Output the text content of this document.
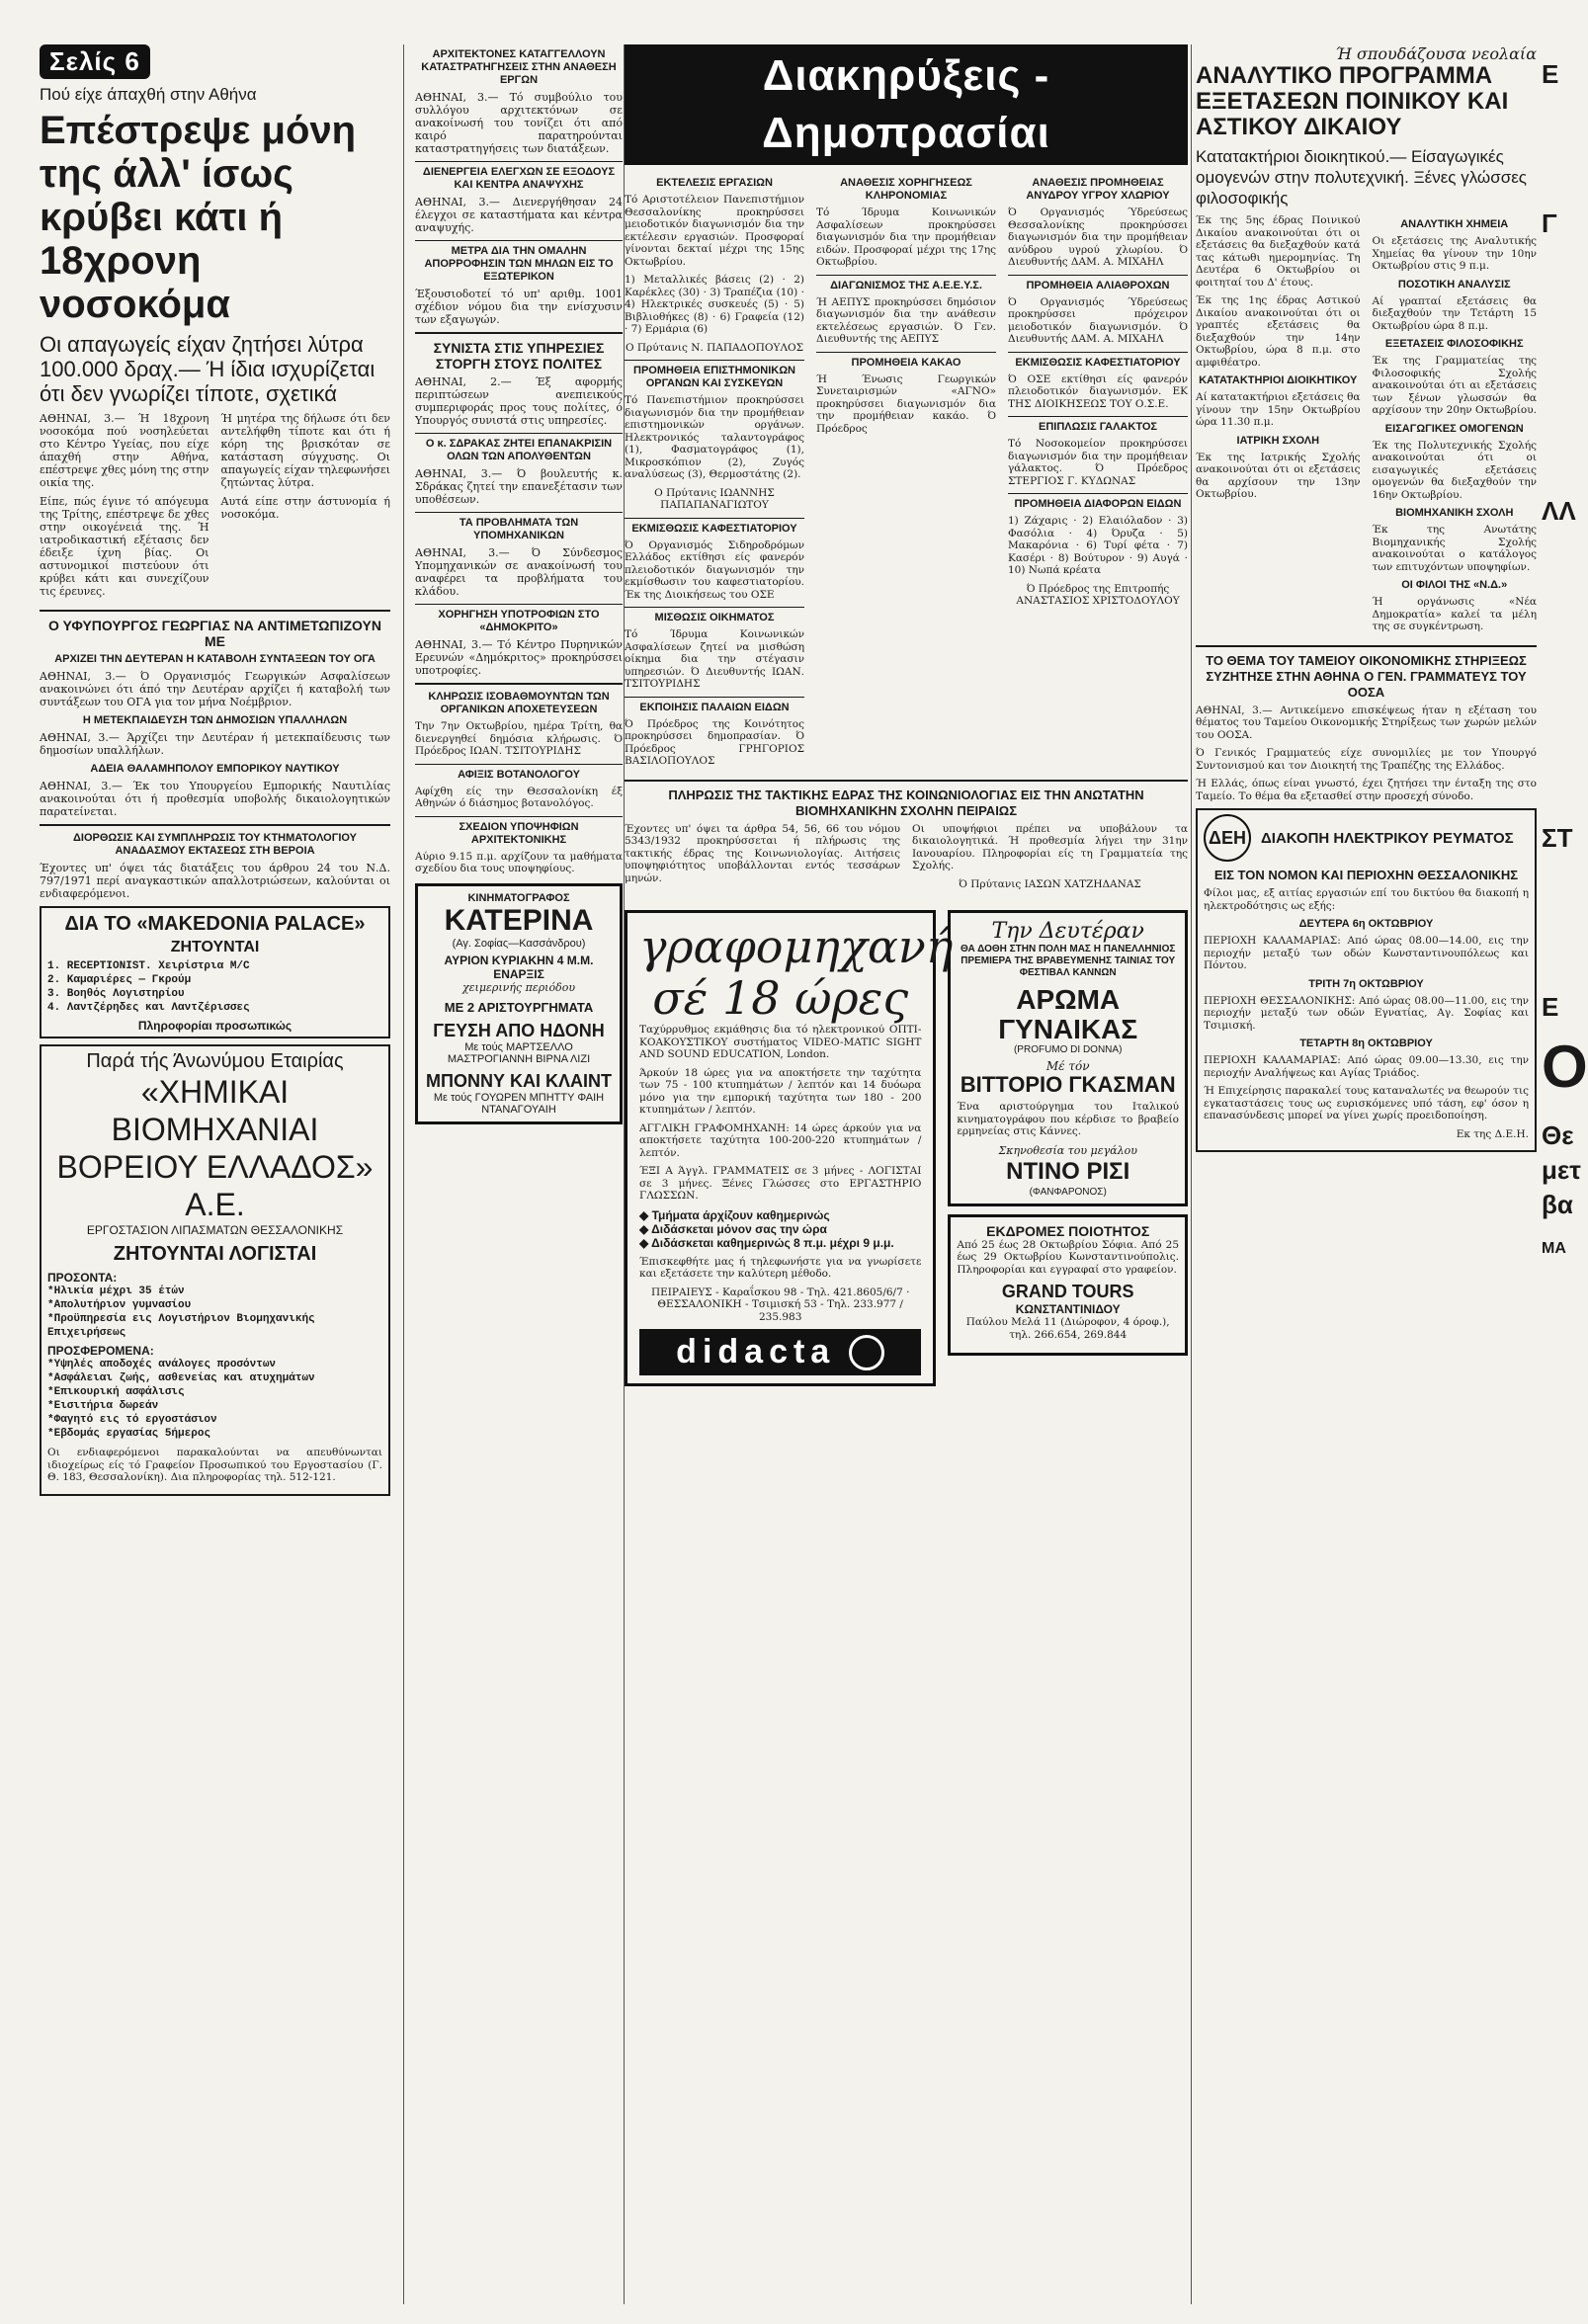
Σελίς 6
Πού είχε άπαχθή στην Αθήνα
Επέστρεψε μόνη της άλλ' ίσως κρύβει κάτι ή 18χρονη νοσοκόμα
Οι απαγωγείς είχαν ζητήσει λύτρα 100.000 δραχ.— Ή ίδια ισχυρίζεται ότι δεν γνωρίζει τίποτε, σχετικά

ΑΘΗΝΑΙ, 3.— Ή 18χρονη νοσοκόμα πού νοσηλεύεται στο Κέντρο Υγείας, που είχε άπαχθή στην Αθήνα, επέστρεψε χθες μόνη της στην οικία της.

Είπε, πώς έγινε τό απόγευμα της Τρίτης, επέστρεψε δε χθες στην οικογένειά της. Ή ιατροδικαστική εξέτασις δεν έδειξε ίχνη βίας. Οι αστυνομικοί πιστεύουν ότι κρύβει κάτι και συνεχίζουν τις έρευνες.

Ή μητέρα της δήλωσε ότι δεν αντελήφθη τίποτε και ότι ή κόρη της βρισκόταν σε κατάσταση σύγχυσης. Οι απαγωγείς είχαν τηλεφωνήσει ζητώντας λύτρα.

Αυτά είπε στην άστυνομία ή νοσοκόμα.

Ο ΥΦΥΠΟΥΡΓΟΣ ΓΕΩΡΓΙΑΣ ΝΑ ΑΝΤΙΜΕΤΩΠΙΖΟΥΝ ΜΕ
ΑΡΧΙΖΕΙ ΤΗΝ ΔΕΥΤΕΡΑΝ Η ΚΑΤΑΒΟΛΗ ΣΥΝΤΑΞΕΩΝ ΤΟΥ ΟΓΑ

ΑΘΗΝΑΙ, 3.— Ό Οργανισμός Γεωργικών Ασφαλίσεων ανακοινώνει ότι άπό την Δευτέραν αρχίζει ή καταβολή των συντάξεων του ΟΓΑ για τον μήνα Νοέμβριον.

Η ΜΕΤΕΚΠΑΙΔΕΥΣΗ ΤΩΝ ΔΗΜΟΣΙΩΝ ΥΠΑΛΛΗΛΩΝ

ΑΘΗΝΑΙ, 3.— Άρχίζει την Δευτέραν ή μετεκπαίδευσις των δημοσίων υπαλλήλων.

ΑΔΕΙΑ ΘΑΛΑΜΗΠΟΛΟΥ ΕΜΠΟΡΙΚΟΥ ΝΑΥΤΙΚΟΥ

ΑΘΗΝΑΙ, 3.— Έκ του Υπουργείου Εμπορικής Ναυτιλίας ανακοινούται ότι ή προθεσμία υποβολής δικαιολογητικών παρατείνεται.

ΔΙΟΡΘΩΣΙΣ ΚΑΙ ΣΥΜΠΛΗΡΩΣΙΣ ΤΟΥ ΚΤΗΜΑΤΟΛΟΓΙΟΥ ΑΝΑΔΑΣΜΟΥ ΕΚΤΑΣΕΩΣ ΣΤΗ ΒΕΡΟΙΑ

Έχοντες υπ' όψει τάς διατάξεις του άρθρου 24 του Ν.Δ. 797/1971 περί αναγκαστικών απαλλοτριώσεων, καλούνται οι ενδιαφερόμενοι.

ΔΙΑ ΤΟ «MAKEDONIA PALACE»
ΖΗΤΟΥΝΤΑΙ
1. RECEPTIONIST. Χειρίστρια M/C
2. Καμαριέρες — Γκρούμ
3. Βοηθός Λογιστηρίου
4. Λαντζέρηδες και Λαντζέρισσες
Πληροφορίαι προσωπικώς
Παρά τής Άνωνύμου Εταιρίας
«ΧΗΜΙΚΑΙ ΒΙΟΜΗΧΑΝΙΑΙ ΒΟΡΕΙΟΥ ΕΛΛΑΔΟΣ» Α.Ε.
ΕΡΓΟΣΤΑΣΙΟΝ ΛΙΠΑΣΜΑΤΩΝ ΘΕΣΣΑΛΟΝΙΚΗΣ
ΖΗΤΟΥΝΤΑΙ ΛΟΓΙΣΤΑΙ
ΠΡΟΣΟΝΤΑ:
*Ηλικία μέχρι 35 έτών
*Απολυτήριον γυμνασίου
*Προϋπηρεσία εις Λογιστήριον Βιομηχανικής Επιχειρήσεως
ΠΡΟΣΦΕΡΟΜΕΝΑ:
*Υψηλές αποδοχές ανάλογες προσόντων
*Ασφάλειαι ζωής, ασθενείας και ατυχημάτων
*Επικουρική ασφάλισις
*Εισιτήρια δωρεάν
*Φαγητό εις τό εργοστάσιον
*Εβδομάς εργασίας 5ήμερος

Οι ενδιαφερόμενοι παρακαλούνται να απευθύνωνται ιδιοχείρως είς τό Γραφείον Προσωπικού του Εργοστασίου (Γ. Θ. 183, Θεσσαλονίκη). Δια πληροφορίας τηλ. 512-121.

ΑΡΧΙΤΕΚΤΟΝΕΣ ΚΑΤΑΓΓΕΛΛΟΥΝ ΚΑΤΑΣΤΡΑΤΗΓΗΣΕΙΣ ΣΤΗΝ ΑΝΑΘΕΣΗ ΕΡΓΩΝ

ΑΘΗΝΑΙ, 3.— Τό συμβούλιο του συλλόγου αρχιτεκτόνων σε ανακοίνωσή του τονίζει ότι από καιρό παρατηρούνται καταστρατηγήσεις των διατάξεων.

ΔΙΕΝΕΡΓΕΙΑ ΕΛΕΓΧΩΝ ΣΕ ΕΞΟΔΟΥΣ ΚΑΙ ΚΕΝΤΡΑ ΑΝΑΨΥΧΗΣ

ΑΘΗΝΑΙ, 3.— Διενεργήθησαν 24 έλεγχοι σε καταστήματα και κέντρα αναψυχής.

ΜΕΤΡΑ ΔΙΑ ΤΗΝ ΟΜΑΛΗΝ ΑΠΟΡΡΟΦΗΣΙΝ ΤΩΝ ΜΗΛΩΝ ΕΙΣ ΤΟ ΕΞΩΤΕΡΙΚΟΝ

Έξουσιοδοτεί τό υπ' αριθμ. 1001 σχέδιον νόμου δια την ενίσχυσιν των εξαγωγών.

ΣΥΝΙΣΤΑ ΣΤΙΣ ΥΠΗΡΕΣΙΕΣ ΣΤΟΡΓΗ ΣΤΟΥΣ ΠΟΛΙΤΕΣ

ΑΘΗΝΑΙ, 2.— Έξ αφορμής περιπτώσεων ανεπιεικούς συμπεριφοράς προς τους πολίτες, ό Υπουργός συνιστά στις υπηρεσίες.

Ο κ. ΣΔΡΑΚΑΣ ΖΗΤΕΙ ΕΠΑΝΑΚΡΙΣΙΝ ΟΛΩΝ ΤΩΝ ΑΠΟΛΥΘΕΝΤΩΝ

ΑΘΗΝΑΙ, 3.— Ό βουλευτής κ. Σδράκας ζητεί την επανεξέτασιν των υποθέσεων.

ΤΑ ΠΡΟΒΛΗΜΑΤΑ ΤΩΝ ΥΠΟΜΗΧΑΝΙΚΩΝ

ΑΘΗΝΑΙ, 3.— Ό Σύνδεσμος Υπομηχανικών σε ανακοίνωσή του αναφέρει τα προβλήματα του κλάδου.

ΧΟΡΗΓΗΣΗ ΥΠΟΤΡΟΦΙΩΝ ΣΤΟ «ΔΗΜΟΚΡΙΤΟ»

ΑΘΗΝΑΙ, 3.— Τό Κέντρο Πυρηνικών Ερευνών «Δημόκριτος» προκηρύσσει υποτροφίες.

ΚΛΗΡΩΣΙΣ ΙΣΟΒΑΘΜΟΥΝΤΩΝ ΤΩΝ ΟΡΓΑΝΙΚΩΝ ΑΠΟΧΕΤΕΥΣΕΩΝ

Την 7ην Οκτωβρίου, ημέρα Τρίτη, θα διενεργηθεί δημόσια κλήρωσις. Ό Πρόεδρος ΙΩΑΝ. ΤΣΙΤΟΥΡΙΔΗΣ

ΑΦΙΞΙΣ ΒΟΤΑΝΟΛΟΓΟΥ

Αφίχθη είς την Θεσσαλονίκη έξ Αθηνών ό διάσημος βοτανολόγος.

ΣΧΕΔΙΟΝ ΥΠΟΨΗΦΙΩΝ ΑΡΧΙΤΕΚΤΟΝΙΚΗΣ

Αύριο 9.15 π.μ. αρχίζουν τα μαθήματα σχεδίου δια τους υποψηφίους.

ΚΙΝΗΜΑΤΟΓΡΑΦΟΣ
ΚΑΤΕΡΙΝΑ
(Αγ. Σοφίας—Κασσάνδρου)
ΑΥΡΙΟΝ ΚΥΡΙΑΚΗΝ 4 Μ.Μ. ΕΝΑΡΞΙΣ
χειμερινής περιόδου
ΜΕ 2 ΑΡΙΣΤΟΥΡΓΗΜΑΤΑ
ΓΕΥΣΗ ΑΠΟ ΗΔΟΝΗ
Με τούς ΜΑΡΤΣΕΛΛΟ ΜΑΣΤΡΟΓΙΑΝΝΗ ΒΙΡΝΑ ΛΙΖΙ
ΜΠΟΝΝΥ ΚΑΙ ΚΛΑΙΝΤ
Με τούς ΓΟΥΩΡΕΝ ΜΠΗΤΤΥ ΦΑΙΗ ΝΤΑΝΑΓΟΥΑΙΗ
Διακηρύξεις - Δημοπρασίαι
ΕΚΤΕΛΕΣΙΣ ΕΡΓΑΣΙΩΝ

Τό Αριστοτέλειον Πανεπιστήμιον Θεσσαλονίκης προκηρύσσει μειοδοτικόν διαγωνισμόν δια την εκτέλεσιν εργασιών. Προσφοραί γίνονται δεκταί μέχρι της 15ης Οκτωβρίου.

1) Μεταλλικές βάσεις (2) · 2) Καρέκλες (30) · 3) Τραπέζια (10) · 4) Ηλεκτρικές συσκευές (5) · 5) Βιβλιοθήκες (8) · 6) Γραφεία (12) · 7) Ερμάρια (6)

Ο Πρύτανις Ν. ΠΑΠΑΔΟΠΟΥΛΟΣ

ΠΡΟΜΗΘΕΙΑ ΕΠΙΣΤΗΜΟΝΙΚΩΝ ΟΡΓΑΝΩΝ ΚΑΙ ΣΥΣΚΕΥΩΝ

Τό Πανεπιστήμιον προκηρύσσει διαγωνισμόν δια την προμήθειαν επιστημονικών οργάνων. Ηλεκτρονικός ταλαντογράφος (1), Φασματογράφος (1), Μικροσκόπιον (2), Ζυγός αναλύσεως (3), Θερμοστάτης (2).

Ο Πρύτανις ΙΩΑΝΝΗΣ ΠΑΠΑΠΑΝΑΓΙΩΤΟΥ

ΕΚΜΙΣΘΩΣΙΣ ΚΑΦΕΣΤΙΑΤΟΡΙΟΥ

Ό Οργανισμός Σιδηροδρόμων Ελλάδος εκτίθησι είς φανερόν πλειοδοτικόν διαγωνισμόν την εκμίσθωσιν του καφεστιατορίου. Έκ της Διοικήσεως του ΟΣΕ

ΜΙΣΘΩΣΙΣ ΟΙΚΗΜΑΤΟΣ

Τό Ίδρυμα Κοινωνικών Ασφαλίσεων ζητεί να μισθώση οίκημα δια την στέγασιν υπηρεσιών. Ό Διευθυντής ΙΩΑΝ. ΤΣΙΤΟΥΡΙΔΗΣ

ΕΚΠΟΙΗΣΙΣ ΠΑΛΑΙΩΝ ΕΙΔΩΝ

Ό Πρόεδρος της Κοινότητος προκηρύσσει δημοπρασίαν. Ό Πρόεδρος ΓΡΗΓΟΡΙΟΣ ΒΑΣΙΛΟΠΟΥΛΟΣ

ΑΝΑΘΕΣΙΣ ΧΟΡΗΓΗΣΕΩΣ ΚΛΗΡΟΝΟΜΙΑΣ

Τό Ίδρυμα Κοινωνικών Ασφαλίσεων προκηρύσσει διαγωνισμόν δια την προμήθειαν ειδών. Προσφοραί μέχρι της 17ης Οκτωβρίου.

ΔΙΑΓΩΝΙΣΜΟΣ ΤΗΣ Α.Ε.Ε.Υ.Σ.

Ή ΑΕΠΥΣ προκηρύσσει δημόσιον διαγωνισμόν δια την ανάθεσιν εκτελέσεως εργασιών. Ό Γεν. Διευθυντής της ΑΕΠΥΣ

ΠΡΟΜΗΘΕΙΑ ΚΑΚΑΟ

Ή Ένωσις Γεωργικών Συνεταιρισμών «ΑΓΝΟ» προκηρύσσει διαγωνισμόν δια την προμήθειαν κακάο. Ό Πρόεδρος

ΑΝΑΘΕΣΙΣ ΠΡΟΜΗΘΕΙΑΣ ΑΝΥΔΡΟΥ ΥΓΡΟΥ ΧΛΩΡΙΟΥ

Ό Οργανισμός Ύδρεύσεως Θεσσαλονίκης προκηρύσσει διαγωνισμόν δια την προμήθειαν ανύδρου υγρού χλωρίου. Ό Διευθυντής ΔΑΜ. Α. ΜΙΧΑΗΛ

ΠΡΟΜΗΘΕΙΑ ΑΛΙΑΘΡΟΧΩΝ

Ό Οργανισμός Ύδρεύσεως προκηρύσσει πρόχειρον μειοδοτικόν διαγωνισμόν. Ό Διευθυντής ΔΑΜ. Α. ΜΙΧΑΗΛ

ΕΚΜΙΣΘΩΣΙΣ ΚΑΦΕΣΤΙΑΤΟΡΙΟΥ

Ό ΟΣΕ εκτίθησι είς φανερόν πλειοδοτικόν διαγωνισμόν. ΕΚ ΤΗΣ ΔΙΟΙΚΗΣΕΩΣ ΤΟΥ Ο.Σ.Ε.

ΕΠΙΠΛΩΣΙΣ ΓΑΛΑΚΤΟΣ

Τό Νοσοκομείον προκηρύσσει διαγωνισμόν δια την προμήθειαν γάλακτος. Ό Πρόεδρος ΣΤΕΡΓΙΟΣ Γ. ΚΥΔΩΝΑΣ

ΠΡΟΜΗΘΕΙΑ ΔΙΑΦΟΡΩΝ ΕΙΔΩΝ

1) Ζάχαρις · 2) Ελαιόλαδον · 3) Φασόλια · 4) Όρυζα · 5) Μακαρόνια · 6) Τυρί φέτα · 7) Κασέρι · 8) Βούτυρον · 9) Αυγά · 10) Νωπά κρέατα

Ό Πρόεδρος της Επιτροπής ΑΝΑΣΤΑΣΙΟΣ ΧΡΙΣΤΟΔΟΥΛΟΥ

ΠΛΗΡΩΣΙΣ ΤΗΣ ΤΑΚΤΙΚΗΣ ΕΔΡΑΣ ΤΗΣ ΚΟΙΝΩΝΙΟΛΟΓΙΑΣ ΕΙΣ ΤΗΝ ΑΝΩΤΑΤΗΝ ΒΙΟΜΗΧΑΝΙΚΗΝ ΣΧΟΛΗΝ ΠΕΙΡΑΙΩΣ

Έχοντες υπ' όψει τα άρθρα 54, 56, 66 του νόμου 5343/1932 προκηρύσσεται ή πλήρωσις της τακτικής έδρας της Κοινωνιολογίας. Αιτήσεις υποψηφιότητος υποβάλλονται εντός τεσσάρων μηνών.

Οι υποψήφιοι πρέπει να υποβάλουν τα δικαιολογητικά. Ή προθεσμία λήγει την 31ην Ιανουαρίου. Πληροφορίαι είς τη Γραμματεία της Σχολής.

Ό Πρύτανις ΙΑΣΩΝ ΧΑΤΖΗΔΑΝΑΣ

γραφομηχανή σέ 18 ώρες

Ταχύρρυθμος εκμάθησις δια τό ηλεκτρονικού ΟΠΤΙ-ΚΟΑΚΟΥΣΤΙΚΟΥ συστήματος VIDEO-MATIC SIGHT AND SOUND EDUCATION, London.

Άρκούν 18 ώρες για να αποκτήσετε την ταχύτητα των 75 - 100 κτυπημάτων / λεπτόν και 14 δυόωρα μόνο για την εμπορική ταχύτητα των 180 - 200 κτυπημάτων / λεπτόν.

ΑΓΓΛΙΚΗ ΓΡΑΦΟΜΗΧΑΝΗ: 14 ώρες άρκούν για να αποκτήσετε ταχύτητα 100-200-220 κτυπημάτων / λεπτόν.

ΈΞΙ Α Άγγλ. ΓΡΑΜΜΑΤΕΙΣ σε 3 μήνες - ΛΟΓΙΣΤΑΙ σε 3 μήνες. Ξένες Γλώσσες στο ΕΡΓΑΣΤΗΡΙΟ ΓΛΩΣΣΩΝ.

◆ Τμήματα άρχίζουν καθημερινώς
◆ Διδάσκεται μόνον σας την ώρα
◆ Διδάσκεται καθημερινώς 8 π.μ. μέχρι 9 μ.μ.

Έπισκεφθήτε μας ή τηλεφωνήστε για να γνωρίσετε και εξετάσετε την καλύτερη μέθοδο.

ΠΕΙΡΑΙΕΥΣ - Καραΐσκου 98 - Τηλ. 421.8605/6/7 · ΘΕΣΣΑΛΟΝΙΚΗ - Τσιμισκή 53 - Τηλ. 233.977 / 235.983

didacta
Την Δευτέραν
ΘΑ ΔΟΘΗ ΣΤΗΝ ΠΟΛΗ ΜΑΣ Η ΠΑΝΕΛΛΗΝΙΟΣ ΠΡΕΜΙΕΡΑ ΤΗΣ ΒΡΑΒΕΥΜΕΝΗΣ ΤΑΙΝΙΑΣ ΤΟΥ ΦΕΣΤΙΒΑΛ ΚΑΝΝΩΝ
ΑΡΩΜΑ ΓΥΝΑΙΚΑΣ
(PROFUMO DI DONNA)
Μέ τόν
ΒΙΤΤΟΡΙΟ ΓΚΑΣΜΑΝ

Ένα αριστούργημα του Ιταλικού κινηματογράφου που κέρδισε το βραβείο ερμηνείας στις Κάννες.

Σκηνοθεσία του μεγάλου
ΝΤΙΝΟ ΡΙΣΙ
(ΦΑΝΦΑΡΟΝΟΣ)
ΕΚΔΡΟΜΕΣ ΠΟΙΟΤΗΤΟΣ

Από 25 έως 28 Οκτωβρίου Σόφια. Από 25 έως 29 Οκτωβρίου Κωνσταντινούπολις. Πληροφορίαι και εγγραφαί στο γραφείον.

GRAND TOURS
ΚΩΝΣΤΑΝΤΙΝΙΔΟΥ

Παύλου Μελά 11 (Διώροφον, 4 όροφ.), τηλ. 266.654, 269.844

Ή σπουδάζουσα νεολαία
ΑΝΑΛΥΤΙΚΟ ΠΡΟΓΡΑΜΜΑ ΕΞΕΤΑΣΕΩΝ ΠΟΙΝΙΚΟΥ ΚΑΙ ΑΣΤΙΚΟΥ ΔΙΚΑΙΟΥ
Κατατακτήριοι διοικητικού.— Είσαγωγικές ομογενών στην πολυτεχνική. Ξένες γλώσσες φιλοσοφικής

Έκ της 5ης έδρας Ποινικού Δικαίου ανακοινούται ότι οι εξετάσεις θα διεξαχθούν κατά τας κάτωθι ημερομηνίας. Τη Δευτέρα 6 Οκτωβρίου οι φοιτηταί του Δ' έτους.

Έκ της 1ης έδρας Αστικού Δικαίου ανακοινούται ότι οι γραπτές εξετάσεις θα διεξαχθούν την 14ην Οκτωβρίου, ώρα 8 π.μ. στο αμφιθέατρο.

ΚΑΤΑΤΑΚΤΗΡΙΟΙ ΔΙΟΙΚΗΤΙΚΟΥ

Αί κατατακτήριοι εξετάσεις θα γίνουν την 15ην Οκτωβρίου ώρα 11.30 π.μ.

ΙΑΤΡΙΚΗ ΣΧΟΛΗ

Έκ της Ιατρικής Σχολής ανακοινούται ότι οι εξετάσεις θα αρχίσουν την 13ην Οκτωβρίου.

ΑΝΑΛΥΤΙΚΗ ΧΗΜΕΙΑ

Οι εξετάσεις της Αναλυτικής Χημείας θα γίνουν την 10ην Οκτωβρίου στις 9 π.μ.

ΠΟΣΟΤΙΚΗ ΑΝΑΛΥΣΙΣ

Αί γραπταί εξετάσεις θα διεξαχθούν την Τετάρτη 15 Οκτωβρίου ώρα 8 π.μ.

ΕΞΕΤΑΣΕΙΣ ΦΙΛΟΣΟΦΙΚΗΣ

Έκ της Γραμματείας της Φιλοσοφικής Σχολής ανακοινούται ότι αι εξετάσεις των ξένων γλωσσών θα αρχίσουν την 20ην Οκτωβρίου.

ΕΙΣΑΓΩΓΙΚΕΣ ΟΜΟΓΕΝΩΝ

Έκ της Πολυτεχνικής Σχολής ανακοινούται ότι οι εισαγωγικές εξετάσεις ομογενών θα διεξαχθούν την 16ην Οκτωβρίου.

ΒΙΟΜΗΧΑΝΙΚΗ ΣΧΟΛΗ

Έκ της Ανωτάτης Βιομηχανικής Σχολής ανακοινούται ο κατάλογος των επιτυχόντων υποψηφίων.

ΟΙ ΦΙΛΟΙ ΤΗΣ «Ν.Δ.»

Ή οργάνωσις «Νέα Δημοκρατία» καλεί τα μέλη της σε συγκέντρωση.

ΤΟ ΘΕΜΑ ΤΟΥ ΤΑΜΕΙΟΥ ΟΙΚΟΝΟΜΙΚΗΣ ΣΤΗΡΙΞΕΩΣ ΣΥΖΗΤΗΣΕ ΣΤΗΝ ΑΘΗΝΑ Ο ΓΕΝ. ΓΡΑΜΜΑΤΕΥΣ ΤΟΥ ΟΟΣΑ

ΑΘΗΝΑΙ, 3.— Αντικείμενο επισκέψεως ήταν η εξέταση του θέματος του Ταμείου Οικονομικής Στηρίξεως των χωρών μελών του ΟΟΣΑ.

Ό Γενικός Γραμματεύς είχε συνομιλίες με τον Υπουργό Συντονισμού και τον Διοικητή της Τραπέζης της Ελλάδος.

Ή Ελλάς, όπως είναι γνωστό, έχει ζητήσει την ένταξη της στο Ταμείο. Το θέμα θα εξετασθεί στην προσεχή σύνοδο.

ΔΕΗ	ΔΙΑΚΟΠΗ ΗΛΕΚΤΡΙΚΟΥ ΡΕΥΜΑΤΟΣ
ΕΙΣ ΤΟΝ ΝΟΜΟΝ ΚΑΙ ΠΕΡΙΟΧΗΝ ΘΕΣΣΑΛΟΝΙΚΗΣ

Φίλοι μας, εξ αιτίας εργασιών επί του δικτύου θα διακοπή η ηλεκτροδότησις ως εξής:

ΔΕΥΤΕΡΑ 6η ΟΚΤΩΒΡΙΟΥ

ΠΕΡΙΟΧΗ ΚΑΛΑΜΑΡΙΑΣ: Από ώρας 08.00—14.00, εις την περιοχήν μεταξύ των οδών Κωνσταντινουπόλεως και Πόντου.

ΤΡΙΤΗ 7η ΟΚΤΩΒΡΙΟΥ

ΠΕΡΙΟΧΗ ΘΕΣΣΑΛΟΝΙΚΗΣ: Από ώρας 08.00—11.00, εις την περιοχήν μεταξύ των οδών Εγνατίας, Αγ. Σοφίας και Τσιμισκή.

ΤΕΤΑΡΤΗ 8η ΟΚΤΩΒΡΙΟΥ

ΠΕΡΙΟΧΗ ΚΑΛΑΜΑΡΙΑΣ: Από ώρας 09.00—13.30, εις την περιοχήν Αναλήψεως και Αγίας Τριάδος.

Ή Επιχείρησις παρακαλεί τους καταναλωτές να θεωρούν τις εγκαταστάσεις τους ως ευρισκόμενες υπό τάση, εφ' όσον η επανασύνδεσις μπορεί να γίνει χωρίς προειδοποίηση.

Εκ της Δ.Ε.Η.

Ε
Γ
ΛΛ
ΣΤ
Ε
Ο
Θε
μετ
βα
ΜΑ
